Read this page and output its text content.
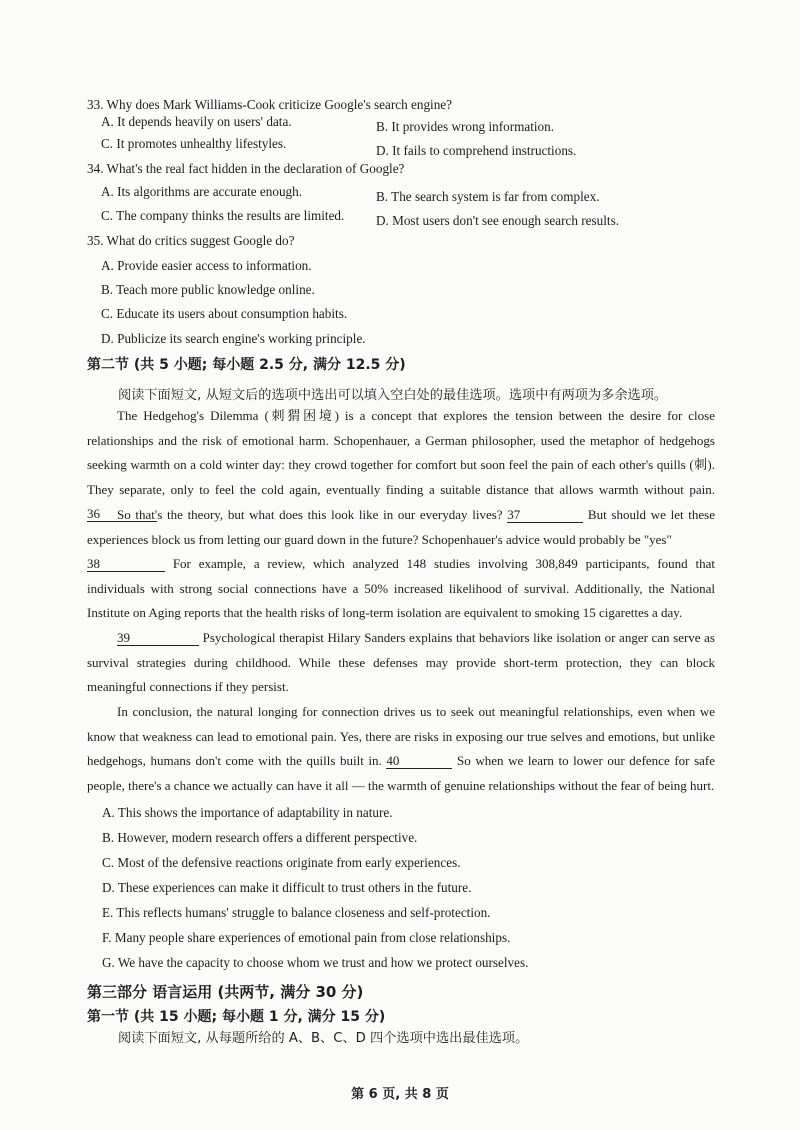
33. Why does Mark Williams-Cook criticize Google's search engine?
A. It depends heavily on users' data.	B. It provides wrong information.
C. It promotes unhealthy lifestyles.	D. It fails to comprehend instructions.
34. What's the real fact hidden in the declaration of Google?
A. Its algorithms are accurate enough.	B. The search system is far from complex.
C. The company thinks the results are limited. D. Most users don't see enough search results.
35. What do critics suggest Google do?
A. Provide easier access to information.
B. Teach more public knowledge online.
C. Educate its users about consumption habits.
D. Publicize its search engine's working principle.
第二节 (共 5 小题; 每小题 2.5 分, 满分 12.5 分)
阅读下面短文, 从短文后的选项中选出可以填入空白处的最佳选项。选项中有两项为多余选项。
The Hedgehog's Dilemma (刺猬困境) is a concept that explores the tension between the desire for close relationships and the risk of emotional harm. Schopenhauer, a German philosopher, used the metaphor of hedgehogs seeking warmth on a cold winter day: they crowd together for comfort but soon feel the pain of each other's quills (刺). They separate, only to feel the cold again, eventually finding a suitable distance that allows warmth without pain. 36	So that's the theory, but what does this look like in our everyday lives? 37	But should we let these experiences block us from letting our guard down in the future? Schopenhauer's advice would probably be "yes"
38	For example, a review, which analyzed 148 studies involving 308,849 participants, found that individuals with strong social connections have a 50% increased likelihood of survival. Additionally, the National Institute on Aging reports that the health risks of long-term isolation are equivalent to smoking 15 cigarettes a day.
39	Psychological therapist Hilary Sanders explains that behaviors like isolation or anger can serve as survival strategies during childhood. While these defenses may provide short-term protection, they can block meaningful connections if they persist.
In conclusion, the natural longing for connection drives us to seek out meaningful relationships, even when we know that weakness can lead to emotional pain. Yes, there are risks in exposing our true selves and emotions, but unlike hedgehogs, humans don't come with the quills built in. 40	So when we learn to lower our defence for safe people, there's a chance we actually can have it all — the warmth of genuine relationships without the fear of being hurt.
A. This shows the importance of adaptability in nature.
B. However, modern research offers a different perspective.
C. Most of the defensive reactions originate from early experiences.
D. These experiences can make it difficult to trust others in the future.
E. This reflects humans' struggle to balance closeness and self-protection.
F. Many people share experiences of emotional pain from close relationships.
G. We have the capacity to choose whom we trust and how we protect ourselves.
第三部分 语言运用 (共两节, 满分 30 分)
第一节 (共 15 小题; 每小题 1 分, 满分 15 分)
阅读下面短文, 从每题所给的 A、B、C、D 四个选项中选出最佳选项。
第 6 页, 共 8 页
